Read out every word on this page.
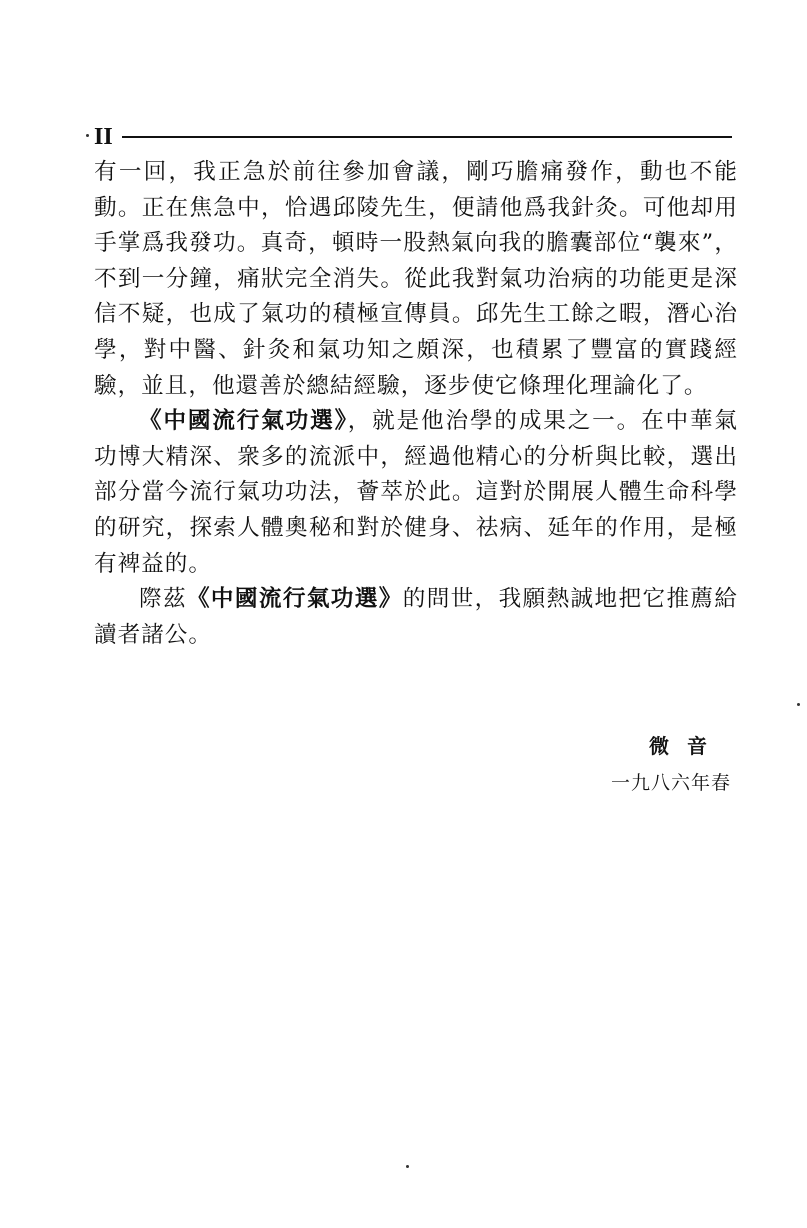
II

有一回，我正急於前往參加會議，剛巧膽痛發作，動也不能動。正在焦急中，恰遇邱陵先生，便請他爲我針灸。可他却用手掌爲我發功。真奇，頓時一股熱氣向我的膽囊部位“襲來”，不到一分鐘，痛狀完全消失。從此我對氣功治病的功能更是深信不疑，也成了氣功的積極宣傳員。邱先生工餘之暇，潛心治學，對中醫、針灸和氣功知之頗深，也積累了豐富的實踐經驗，並且，他還善於總結經驗，逐步使它條理化理論化了。

《中國流行氣功選》，就是他治學的成果之一。在中華氣功博大精深、衆多的流派中，經過他精心的分析與比較，選出部分當今流行氣功功法，薈萃於此。這對於開展人體生命科學的研究，探索人體奧秘和對於健身、祛病、延年的作用，是極有裨益的。

際茲《中國流行氣功選》的問世，我願熱誠地把它推薦給讀者諸公。

微音
一九八六年春
